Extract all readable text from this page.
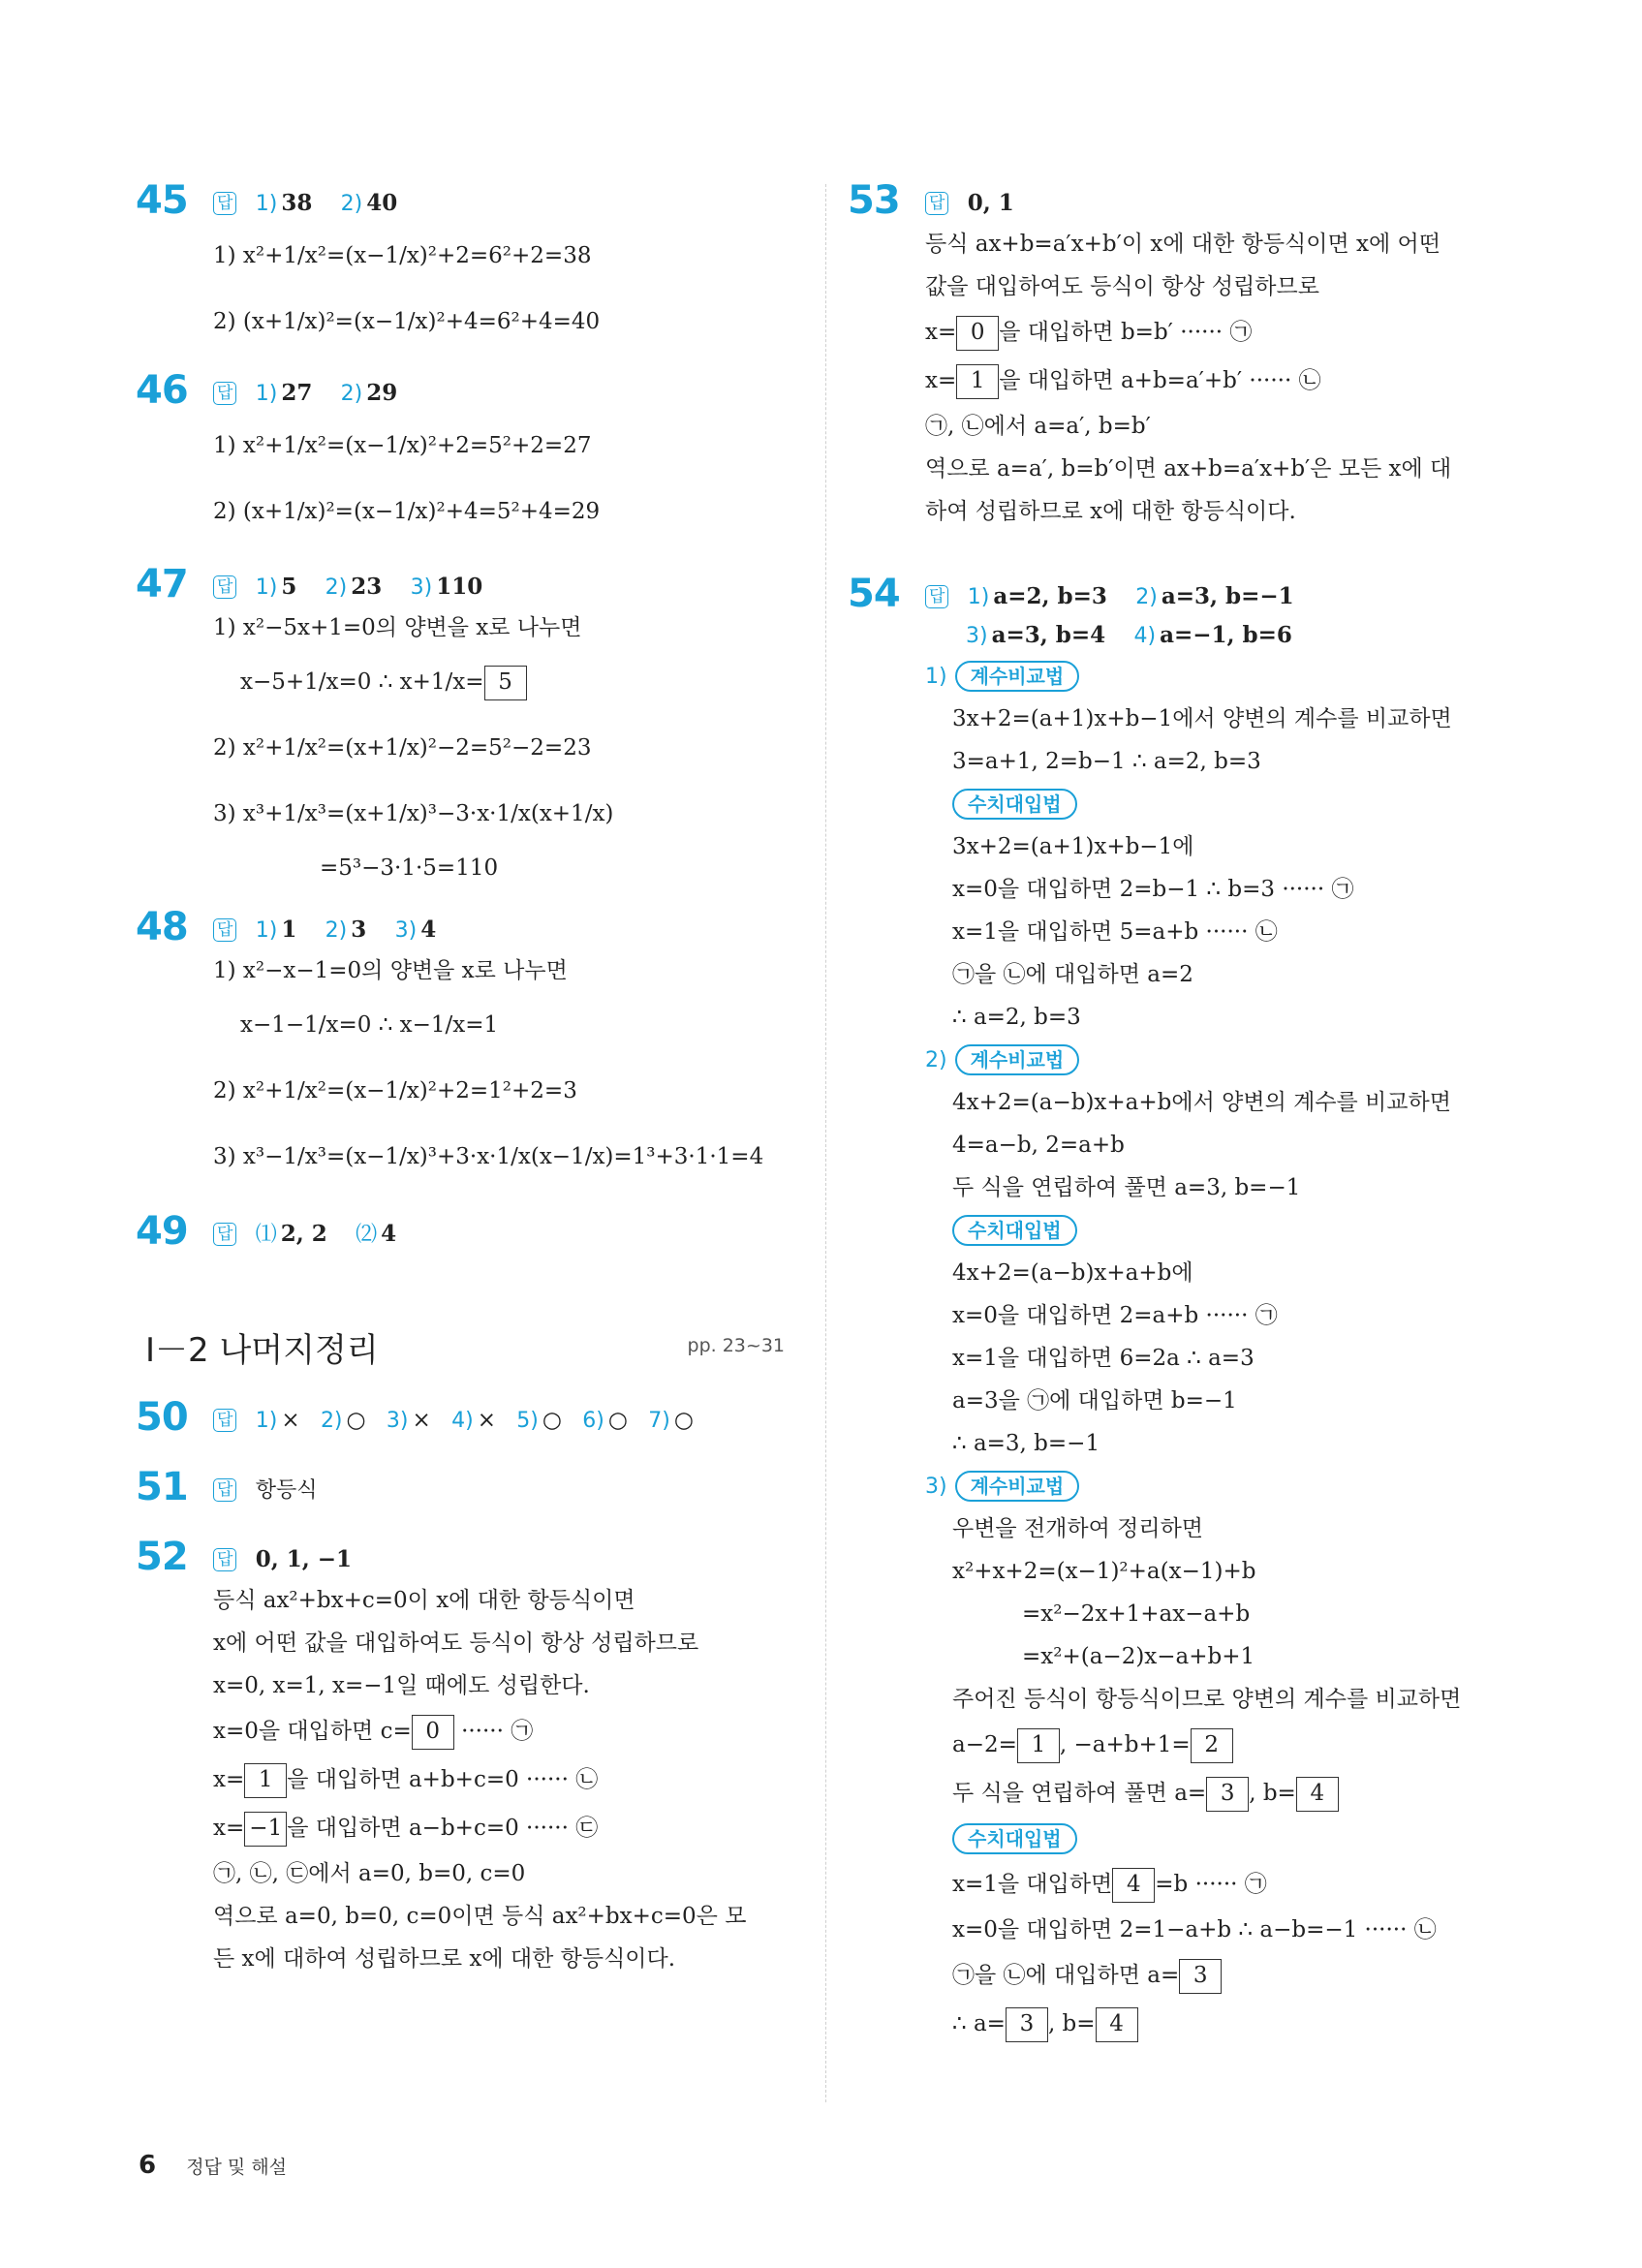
45 답 1) 38 2) 40
1) x²+1/x²=(x−1/x)²+2=6²+2=38
2) (x+1/x)²=(x−1/x)²+4=6²+4=40
46 답 1) 27 2) 29
1) x²+1/x²=(x−1/x)²+2=5²+2=27
2) (x+1/x)²=(x−1/x)²+4=5²+4=29
47 답 1) 5 2) 23 3) 110
1) x²−5x+1=0의 양변을 x로 나누면
x−5+1/x=0 ∴ x+1/x= 5
2) x²+1/x²=(x+1/x)²−2=5²−2=23
3) x³+1/x³=(x+1/x)³−3·x·1/x(x+1/x)
=5³−3·1·5=110
48 답 1) 1 2) 3 3) 4
1) x²−x−1=0의 양변을 x로 나누면
x−1−1/x=0 ∴ x−1/x=1
2) x²+1/x²=(x−1/x)²+2=1²+2=3
3) x³−1/x³=(x−1/x)³+3·x·1/x(x−1/x)=1³+3·1·1=4
49 답 ⑴ 2, 2 ⑵ 4
Ⅰ－2 나머지정리	pp. 23~31
50 답 1) × 2) ○ 3) × 4) × 5) ○ 6) ○ 7) ○
51 답 항등식
52 답 0, 1, −1
등식 ax²+bx+c=0이 x에 대한 항등식이면
x에 어떤 값을 대입하여도 등식이 항상 성립하므로
x=0, x=1, x=−1일 때에도 성립한다.
x=0을 대입하면 c= 0 ······ ㉠
x= 1 을 대입하면 a+b+c=0 ······ ㉡
x= −1 을 대입하면 a−b+c=0 ······ ㉢
㉠, ㉡, ㉢에서 a=0, b=0, c=0
역으로 a=0, b=0, c=0이면 등식 ax²+bx+c=0은 모
든 x에 대하여 성립하므로 x에 대한 항등식이다.
53 답 0, 1
등식 ax+b=a′x+b′이 x에 대한 항등식이면 x에 어떤
값을 대입하여도 등식이 항상 성립하므로
x= 0 을 대입하면 b=b′ ······ ㉠
x= 1 을 대입하면 a+b=a′+b′ ······ ㉡
㉠, ㉡에서 a=a′, b=b′
역으로 a=a′, b=b′이면 ax+b=a′x+b′은 모든 x에 대
하여 성립하므로 x에 대한 항등식이다.
54 답 1) a=2, b=3 2) a=3, b=−1
3) a=3, b=4 4) a=−1, b=6
1) 계수비교법
3x+2=(a+1)x+b−1에서 양변의 계수를 비교하면
3=a+1, 2=b−1 ∴ a=2, b=3
수치대입법
3x+2=(a+1)x+b−1에
x=0을 대입하면 2=b−1 ∴ b=3 ······ ㉠
x=1을 대입하면 5=a+b ······ ㉡
㉠을 ㉡에 대입하면 a=2
∴ a=2, b=3
2) 계수비교법
4x+2=(a−b)x+a+b에서 양변의 계수를 비교하면
4=a−b, 2=a+b
두 식을 연립하여 풀면 a=3, b=−1
수치대입법
4x+2=(a−b)x+a+b에
x=0을 대입하면 2=a+b ······ ㉠
x=1을 대입하면 6=2a ∴ a=3
a=3을 ㉠에 대입하면 b=−1
∴ a=3, b=−1
3) 계수비교법
우변을 전개하여 정리하면
x²+x+2=(x−1)²+a(x−1)+b
=x²−2x+1+ax−a+b
=x²+(a−2)x−a+b+1
주어진 등식이 항등식이므로 양변의 계수를 비교하면
a−2= 1 , −a+b+1= 2
두 식을 연립하여 풀면 a= 3 , b= 4
수치대입법
x=1을 대입하면 4 =b ······ ㉠
x=0을 대입하면 2=1−a+b ∴ a−b=−1 ······ ㉡
㉠을 ㉡에 대입하면 a= 3
∴ a= 3 , b= 4
6 정답 및 해설
